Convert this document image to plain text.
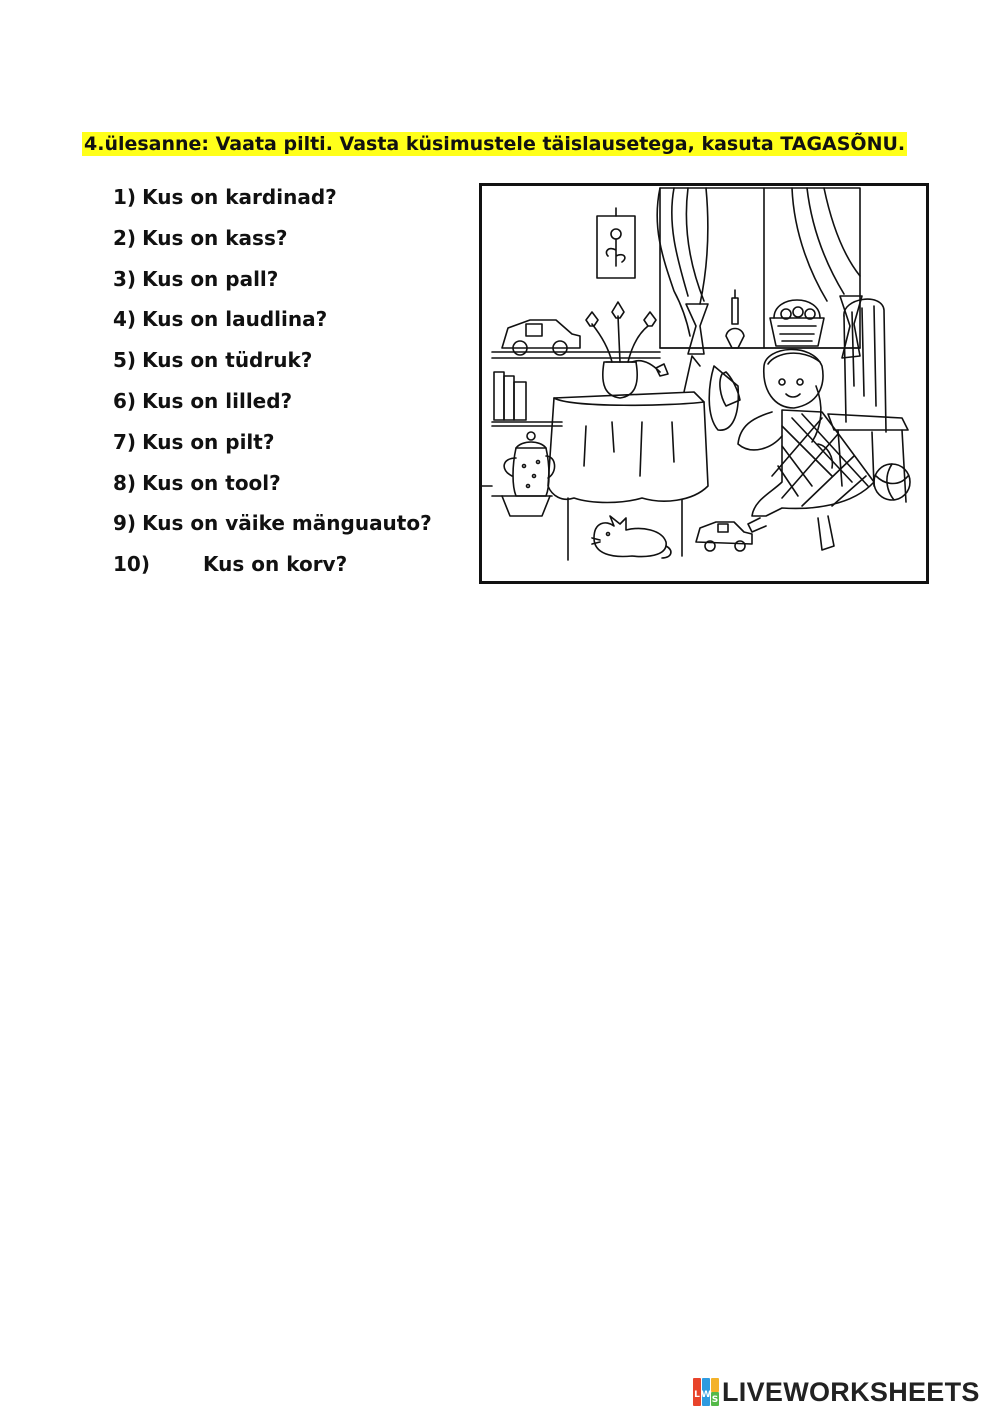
4.ülesanne: Vaata pilti. Vasta küsimustele täislausetega, kasuta TAGASÕNU.
1) Kus on kardinad?
2) Kus on kass?
3) Kus on pall?
4) Kus on laudlina?
5) Kus on tüdruk?
6) Kus on lilled?
7) Kus on pilt?
8) Kus on tool?
9) Kus on väike mänguauto?
10)	Kus on korv?
L W S LIVEWORKSHEETS
